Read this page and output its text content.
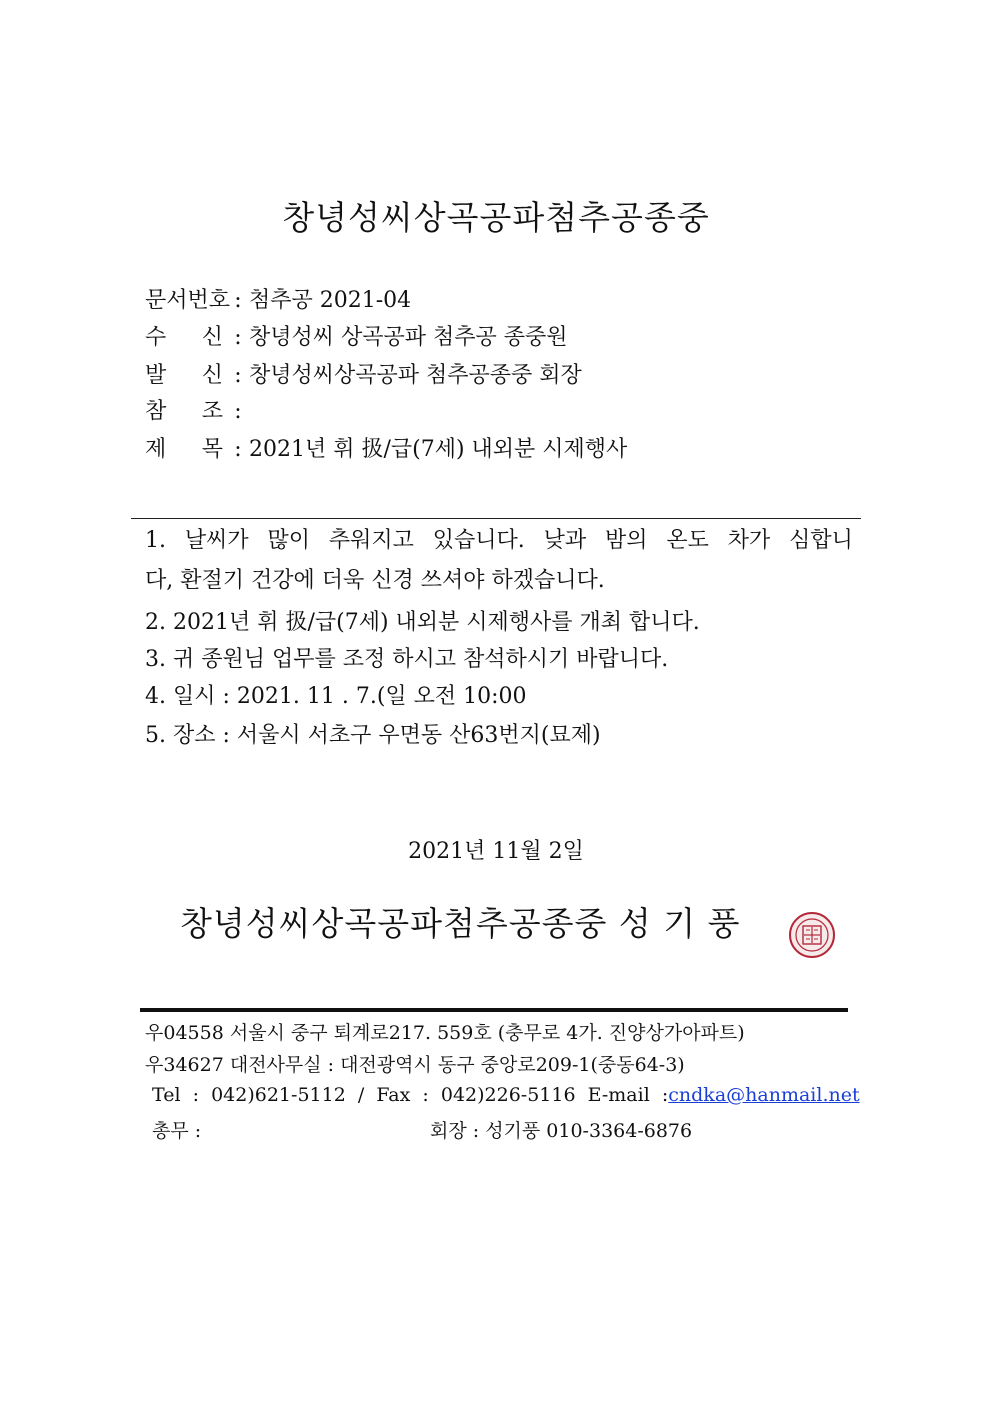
창녕성씨상곡공파첨추공종중
문서번호 : 첨추공 2021-04
수 신 : 창녕성씨 상곡공파 첨추공 종중원
발 신 : 창녕성씨상곡공파 첨추공종중 회장
참 조 :
제 목 : 2021년 휘 扱/급(7세) 내외분 시제행사
1. 날씨가 많이 추워지고 있습니다. 낮과 밤의 온도 차가 심합니
다, 환절기 건강에 더욱 신경 쓰셔야 하겠습니다.
2. 2021년 휘 扱/급(7세) 내외분 시제행사를 개최 합니다.
3. 귀 종원님 업무를 조정 하시고 참석하시기 바랍니다.
4. 일시 : 2021. 11 . 7.(일 오전 10:00
5. 장소 : 서울시 서초구 우면동 산63번지(묘제)
2021년 11월 2일
창녕성씨상곡공파첨추공종중 성 기 풍
우04558 서울시 중구 퇴계로217. 559호 (충무로 4가. 진양상가아파트)
우34627 대전사무실 : 대전광역시 동구 중앙로209-1(중동64-3)
Tel  :  042)621-5112  /  Fax  :  042)226-5116  E-mail  : cndka@hanmail.net
총무 :	회장 : 성기풍 010-3364-6876
